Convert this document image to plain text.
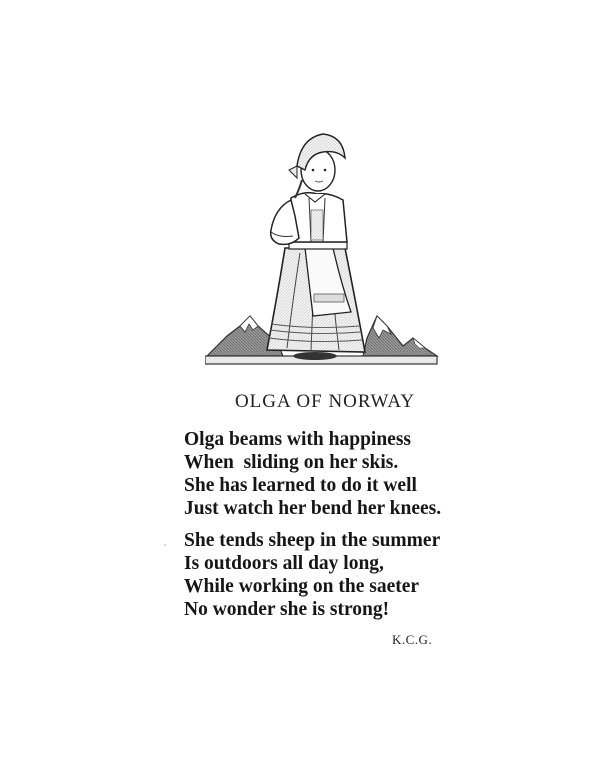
OLGA OF NORWAY
Olga beams with happiness
When  sliding on her skis.
She has learned to do it well
Just watch her bend her knees.
She tends sheep in the summer
Is outdoors all day long,
While working on the saeter
No wonder she is strong!
K.C.G.
